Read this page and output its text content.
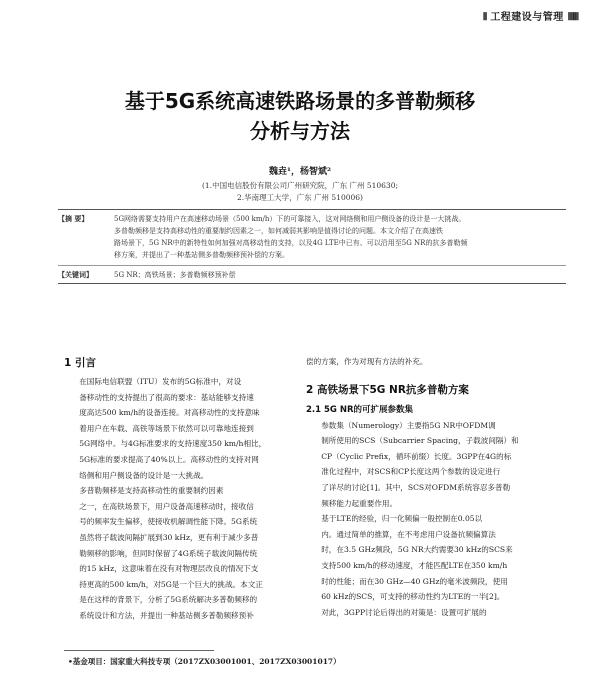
⦀ 工程建设与管理 ⦀⦀⦀
基于5G系统高速铁路场景的多普勒频移
分析与方法
魏垚¹，杨智斌²
(1.中国电信股份有限公司广州研究院，广东 广州 510630;
2.华南理工大学，广东 广州 510006)
【摘 要】	5G网络需要支持用户在高速移动场景（500 km/h）下的可靠接入，这对网络侧和用户侧设备的设计是一大挑战。
多普勒频移是支持高移动性的重要制约因素之一，如何减弱其影响是值得讨论的问题。本文介绍了在高速铁
路场景下，5G NR中的新特性如何加强对高移动性的支持，以及4G LTE中已有、可以沿用至5G NR的抗多普勒频
移方案，并提出了一种基站侧多普勒频移预补偿的方案。
【关键词】	5G NR；高铁场景；多普勒频移预补偿
1 引言
在国际电信联盟（ITU）发布的5G标准中，对设
备移动性的支持提出了很高的要求：基站能够支持速
度高达500 km/h的设备连接。对高移动性的支持意味
着用户在车载、高铁等场景下依然可以可靠地连接到
5G网络中。与4G标准要求的支持速度350 km/h相比，
5G标准的要求提高了40%以上。高移动性的支持对网
络侧和用户侧设备的设计是一大挑战。
多普勒频移是支持高移动性的重要制约因素
之一，在高铁场景下，用户设备高速移动时，接收信
号的频率发生偏移，使接收机解调性能下降。5G系统
虽然将子载波间隔扩展到30 kHz，更有利于减少多普
勒频移的影响，但同时保留了4G系统子载波间隔传统
的15 kHz，这意味着在没有对物理层改良的情况下支
持更高的500 km/h，对5G是一个巨大的挑战。本文正
是在这样的背景下，分析了5G系统解决多普勒频移的
系统设计和方法，并提出一种基站侧多普勒频移预补
偿的方案，作为对现有方法的补充。
2 高铁场景下5G NR抗多普勒方案
2.1 5G NR的可扩展参数集
参数集（Numerology）主要指5G NR中OFDM调
制所使用的SCS（Subcarrier Spacing，子载波间隔）和
CP（Cyclic Prefix，循环前缀）长度。3GPP在4G的标
准化过程中，对SCS和CP长度这两个参数的设定进行
了详尽的讨论[1]。其中，SCS对OFDM系统容忍多普勒
频移能力起重要作用。
基于LTE的经验，归一化频偏一般控制在0.05以
内。通过简单的推算，在不考虑用户设备抗频偏算法
时，在3.5 GHz频段，5G NR大约需要30 kHz的SCS来
支持500 km/h的移动速度，才能匹配LTE在350 km/h
时的性能；而在30 GHz—40 GHz的毫米波频段，使用
60 kHz的SCS，可支持的移动性约为LTE的一半[2]。
对此，3GPP讨论后得出的对策是：设置可扩展的
•基金项目：国家重大科技专项（2017ZX03001001、2017ZX03001017）
